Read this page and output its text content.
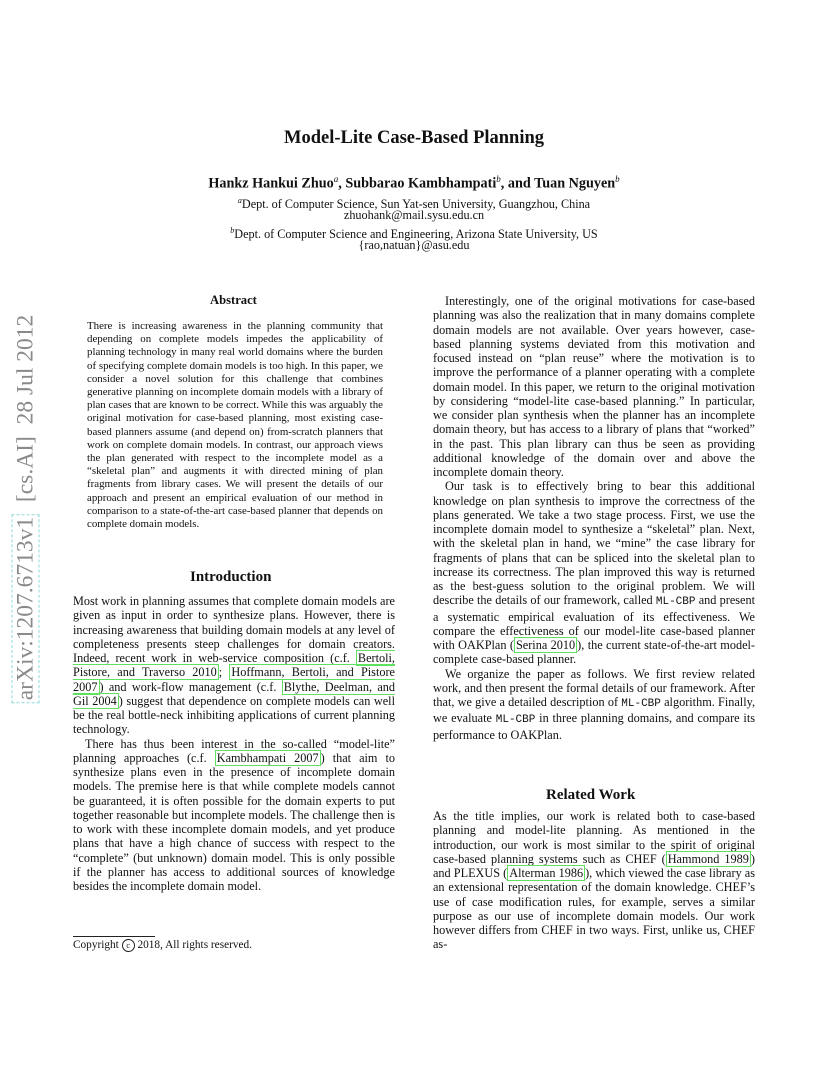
Model-Lite Case-Based Planning
Hankz Hankui Zhuo$^a$, Subbarao Kambhampati$^b$, and Tuan Nguyen$^b$
$^a$Dept. of Computer Science, Sun Yat-sen University, Guangzhou, China
zhuohank@mail.sysu.edu.cn
$^b$Dept. of Computer Science and Engineering, Arizona State University, US
{rao,natuan}@asu.edu
arXiv:1207.6713v1  [cs.AI]  28 Jul 2012
Abstract
There is increasing awareness in the planning community that depending on complete models impedes the applicability of planning technology in many real world domains where the burden of specifying complete domain models is too high. In this paper, we consider a novel solution for this challenge that combines generative planning on incomplete domain models with a library of plan cases that are known to be correct. While this was arguably the original motivation for case-based planning, most existing case-based planners assume (and depend on) from-scratch planners that work on complete domain models. In contrast, our approach views the plan generated with respect to the incomplete model as a “skeletal plan” and augments it with directed mining of plan fragments from library cases. We will present the details of our approach and present an empirical evaluation of our method in comparison to a state-of-the-art case-based planner that depends on complete domain models.
Introduction

Most work in planning assumes that complete domain models are given as input in order to synthesize plans. However, there is increasing awareness that building domain models at any level of completeness presents steep challenges for domain creators. Indeed, recent work in web-service composition (c.f. Bertoli, Pistore, and Traverso 2010 ; Hoffmann, Bertoli, and Pistore 2007 ) and work-flow management (c.f. Blythe, Deelman, and Gil 2004 ) suggest that dependence on complete models can well be the real bottle-neck inhibiting applications of current planning technology.

There has thus been interest in the so-called “model-lite” planning approaches (c.f. Kambhampati 2007 ) that aim to synthesize plans even in the presence of incomplete domain models. The premise here is that while complete models cannot be guaranteed, it is often possible for the domain experts to put together reasonable but incomplete models. The challenge then is to work with these incomplete domain models, and yet produce plans that have a high chance of success with respect to the “complete” (but unknown) domain model. This is only possible if the planner has access to additional sources of knowledge besides the incomplete domain model.

Copyright c 2018, All rights reserved.

Interestingly, one of the original motivations for case-based planning was also the realization that in many domains complete domain models are not available. Over years however, case-based planning systems deviated from this motivation and focused instead on “plan reuse” where the motivation is to improve the performance of a planner operating with a complete domain model. In this paper, we return to the original motivation by considering “model-lite case-based planning.” In particular, we consider plan synthesis when the planner has an incomplete domain theory, but has access to a library of plans that “worked” in the past. This plan library can thus be seen as providing additional knowledge of the domain over and above the incomplete domain theory.

Our task is to effectively bring to bear this additional knowledge on plan synthesis to improve the correctness of the plans generated. We take a two stage process. First, we use the incomplete domain model to synthesize a “skeletal” plan. Next, with the skeletal plan in hand, we “mine” the case library for fragments of plans that can be spliced into the skeletal plan to increase its correctness. The plan improved this way is returned as the best-guess solution to the original problem. We will describe the details of our framework, called ML-CBP and present a systematic empirical evaluation of its effectiveness. We compare the effectiveness of our model-lite case-based planner with OAKPlan ( Serina 2010 ), the current state-of-the-art model-complete case-based planner.

We organize the paper as follows. We first review related work, and then present the formal details of our framework. After that, we give a detailed description of ML-CBP algorithm. Finally, we evaluate ML-CBP in three planning domains, and compare its performance to OAKPlan.

Related Work

As the title implies, our work is related both to case-based planning and model-lite planning. As mentioned in the introduction, our work is most similar to the spirit of original case-based planning systems such as CHEF ( Hammond 1989 ) and PLEXUS ( Alterman 1986 ), which viewed the case library as an extensional representation of the domain knowledge. CHEF’s use of case modification rules, for example, serves a similar purpose as our use of incomplete domain models. Our work however differs from CHEF in two ways. First, unlike us, CHEF as-
